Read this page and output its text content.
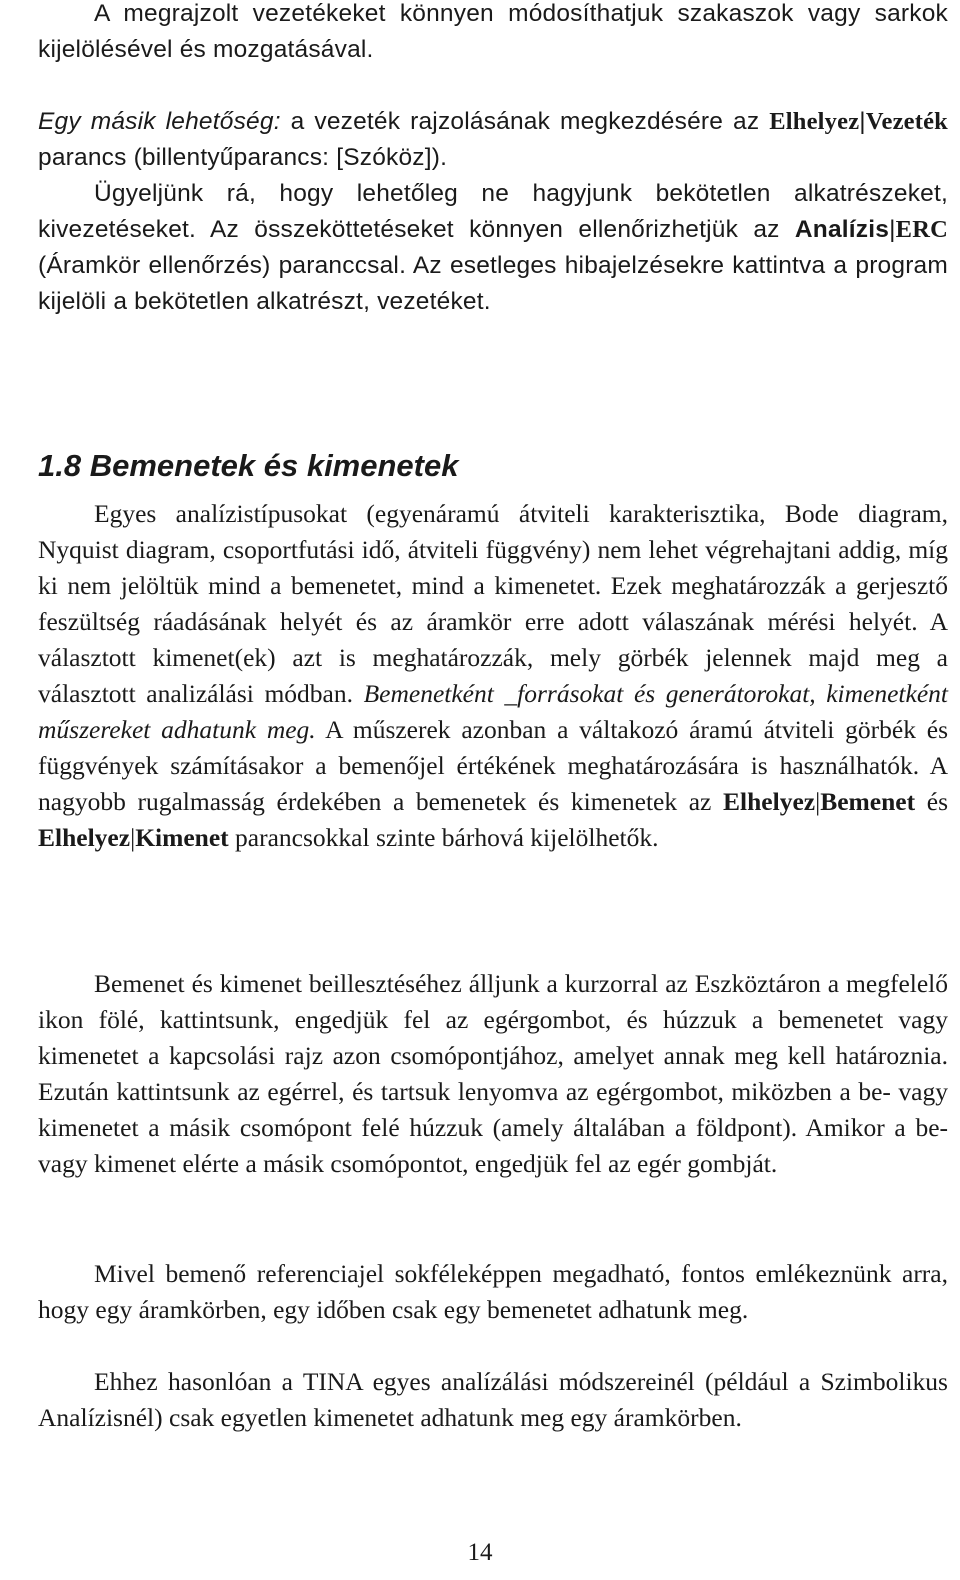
A megrajzolt vezetékeket könnyen módosíthatjuk szakaszok vagy sarkok kijelölésével és mozgatásával.

Egy másik lehetőség: a vezeték rajzolásának megkezdésére az Elhelyez|Vezeték parancs (billentyűparancs: [Szóköz]).

Ügyeljünk rá, hogy lehetőleg ne hagyjunk bekötetlen alkatrészeket, kivezetéseket. Az összeköttetéseket könnyen ellenőrizhetjük az Analízis|ERC (Áramkör ellenőrzés) paranccsal. Az esetleges hibajelzésekre kattintva a program kijelöli a bekötetlen alkatrészt, vezetéket.

1.8 Bemenetek és kimenetek

Egyes analízistípusokat (egyenáramú átviteli karakterisztika, Bode diagram, Nyquist diagram, csoportfutási idő, átviteli függvény) nem lehet végrehajtani addig, míg ki nem jelöltük mind a bemenetet, mind a kimenetet. Ezek meghatározzák a gerjesztő feszültség ráadásának helyét és az áramkör erre adott válaszának mérési helyét. A választott kimenet(ek) azt is meghatározzák, mely görbék jelennek majd meg a választott analizálási módban. Bemenetként _forrásokat és generátorokat, kimenetként műszereket adhatunk meg. A műszerek azonban a váltakozó áramú átviteli görbék és függvények számításakor a bemenőjel értékének meghatározására is használhatók. A nagyobb rugalmasság érdekében a bemenetek és kimenetek az Elhelyez|Bemenet és Elhelyez|Kimenet parancsokkal szinte bárhová kijelölhetők.

Bemenet és kimenet beillesztéséhez álljunk a kurzorral az Eszköztáron a megfelelő ikon fölé, kattintsunk, engedjük fel az egérgombot, és húzzuk a bemenetet vagy kimenetet a kapcsolási rajz azon csomópontjához, amelyet annak meg kell határoznia. Ezután kattintsunk az egérrel, és tartsuk lenyomva az egérgombot, miközben a be- vagy kimenetet a másik csomópont felé húzzuk (amely általában a földpont). Amikor a be- vagy kimenet elérte a másik csomópontot, engedjük fel az egér gombját.

Mivel bemenő referenciajel sokféleképpen megadható, fontos emlékeznünk arra, hogy egy áramkörben, egy időben csak egy bemenetet adhatunk meg.

Ehhez hasonlóan a TINA egyes analízálási módszereinél (például a Szimbolikus Analízisnél) csak egyetlen kimenetet adhatunk meg egy áramkörben.

14
